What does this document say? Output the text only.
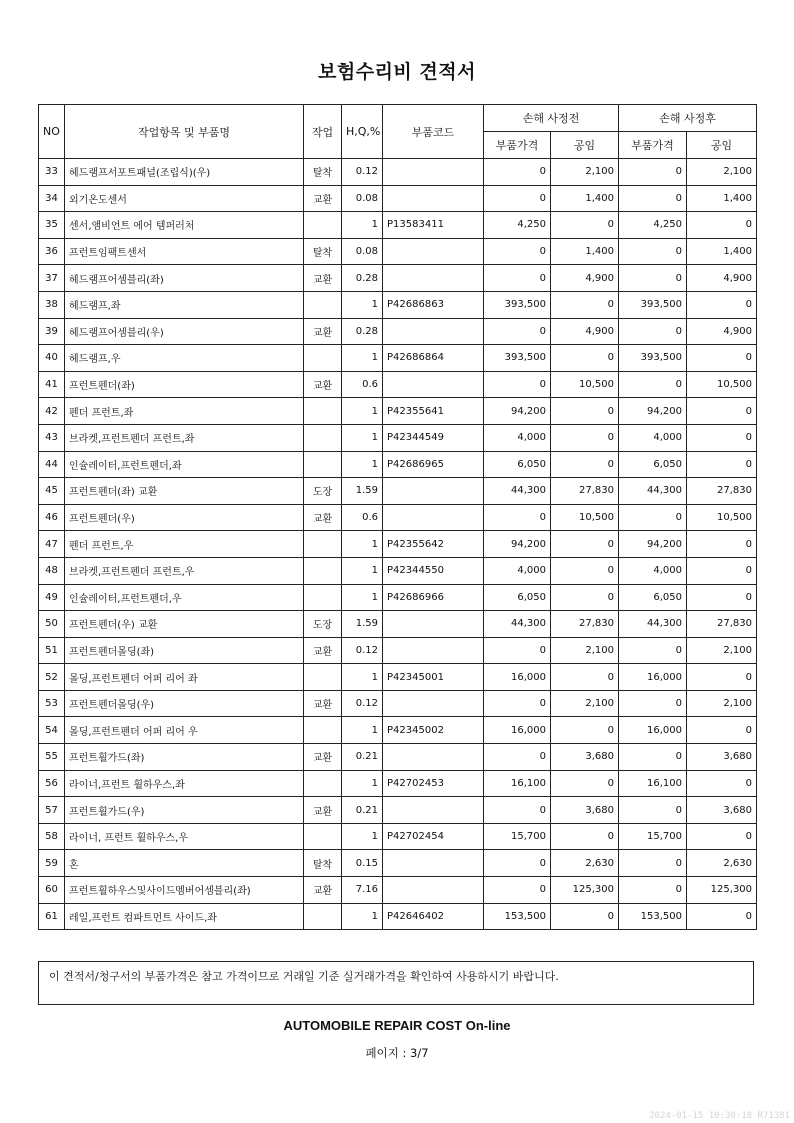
보험수리비 견적서
NO	작업항목 및 부품명	작업	H,Q,%	부품코드	손해 사정전		손해 사정후	
					부품가격	공임	부품가격	공임
33	헤드램프서포트패널(조립식)(우)	탈착	0.12		0	2,100	0	2,100
34	외기온도센서	교환	0.08		0	1,400	0	1,400
35	센서,앰비언트 에어 템퍼러처		1	P13583411	4,250	0	4,250	0
36	프런트임팩트센서	탈착	0.08		0	1,400	0	1,400
37	헤드램프어셈블리(좌)	교환	0.28		0	4,900	0	4,900
38	헤드램프,좌		1	P42686863	393,500	0	393,500	0
39	헤드램프어셈블리(우)	교환	0.28		0	4,900	0	4,900
40	헤드램프,우		1	P42686864	393,500	0	393,500	0
41	프런트펜더(좌)	교환	0.6		0	10,500	0	10,500
42	펜더 프런트,좌		1	P42355641	94,200	0	94,200	0
43	브라켓,프런트펜더 프런트,좌		1	P42344549	4,000	0	4,000	0
44	인슐레이터,프런트펜더,좌		1	P42686965	6,050	0	6,050	0
45	프런트펜더(좌) 교환	도장	1.59		44,300	27,830	44,300	27,830
46	프런트펜더(우)	교환	0.6		0	10,500	0	10,500
47	펜더 프런트,우		1	P42355642	94,200	0	94,200	0
48	브라켓,프런트펜더 프런트,우		1	P42344550	4,000	0	4,000	0
49	인슐레이터,프런트펜더,우		1	P42686966	6,050	0	6,050	0
50	프런트펜더(우) 교환	도장	1.59		44,300	27,830	44,300	27,830
51	프런트펜더몰딩(좌)	교환	0.12		0	2,100	0	2,100
52	몰딩,프런트펜더 어퍼 리어 좌		1	P42345001	16,000	0	16,000	0
53	프런트펜더몰딩(우)	교환	0.12		0	2,100	0	2,100
54	몰딩,프런트펜더 어퍼 리어 우		1	P42345002	16,000	0	16,000	0
55	프런트휠가드(좌)	교환	0.21		0	3,680	0	3,680
56	라이너,프런트 휠하우스,좌		1	P42702453	16,100	0	16,100	0
57	프런트휠가드(우)	교환	0.21		0	3,680	0	3,680
58	라이너, 프런트 휠하우스,우		1	P42702454	15,700	0	15,700	0
59	혼	탈착	0.15		0	2,630	0	2,630
60	프런트휠하우스및사이드멤버어셈블리(좌)	교환	7.16		0	125,300	0	125,300
61	레일,프런트 컴파트먼트 사이드,좌		1	P42646402	153,500	0	153,500	0
이 견적서/청구서의 부품가격은 참고 가격이므로 거래일 기준 실거래가격을 확인하여 사용하시기 바랍니다.
AUTOMOBILE REPAIR COST On-line
페이지 : 3/7
2024-01-15 10:30:18 R71381
